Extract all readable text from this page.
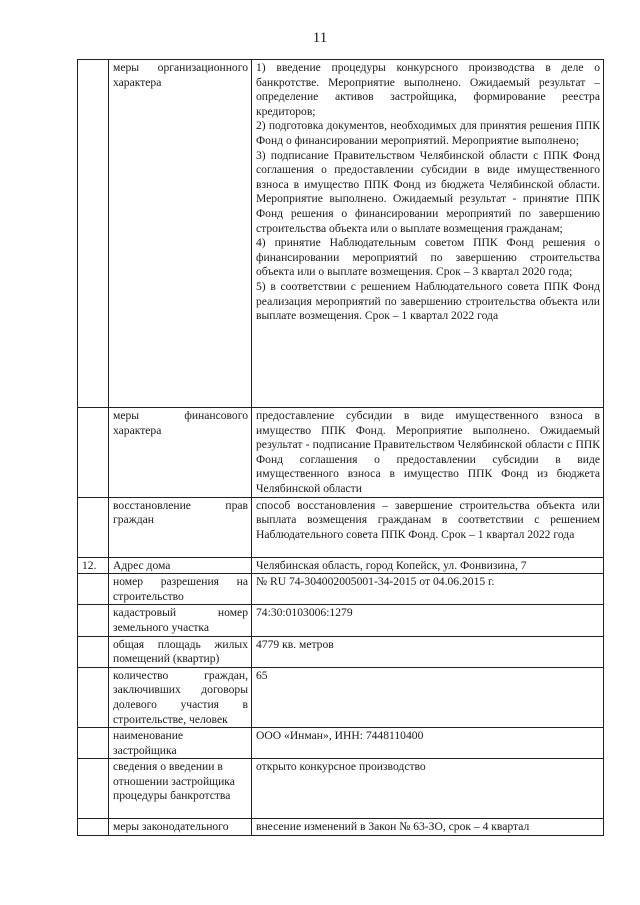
11
	меры организационного характера	1) введение процедуры конкурсного производства в деле о банкротстве. Мероприятие выполнено. Ожидаемый результат – определение активов застройщика, формирование реестра кредиторов;
2) подготовка документов, необходимых для принятия решения ППК Фонд о финансировании мероприятий. Мероприятие выполнено;
3) подписание Правительством Челябинской области с ППК Фонд соглашения о предоставлении субсидии в виде имущественного взноса в имущество ППК Фонд из бюджета Челябинской области. Мероприятие выполнено. Ожидаемый результат - принятие ППК Фонд решения о финансировании мероприятий по завершению строительства объекта или о выплате возмещения гражданам;
4) принятие Наблюдательным советом ППК Фонд решения о финансировании мероприятий по завершению строительства объекта или о выплате возмещения. Срок – 3 квартал 2020 года;
5) в соответствии с решением Наблюдательного совета ППК Фонд реализация мероприятий по завершению строительства объекта или выплате возмещения. Срок – 1 квартал 2022 года

	меры финансового характера	предоставление субсидии в виде имущественного взноса в имущество ППК Фонд. Мероприятие выполнено. Ожидаемый результат - подписание Правительством Челябинской области с ППК Фонд соглашения о предоставлении субсидии в виде имущественного взноса в имущество ППК Фонд из бюджета Челябинской области
	восстановление прав граждан	способ восстановления – завершение строительства объекта или выплата возмещения гражданам в соответствии с решением Наблюдательного совета ППК Фонд. Срок – 1 квартал 2022 года
12.	Адрес дома	Челябинская область, город Копейск, ул. Фонвизина, 7
	номер разрешения на строительство	№ RU 74-304002005001-34-2015 от 04.06.2015 г.
	кадастровый номер земельного участка	74:30:0103006:1279
	общая площадь жилых помещений (квартир)	4779 кв. метров
	количество граждан, заключивших договоры долевого участия в строительстве, человек	65
	наименование застройщика	ООО «Инман», ИНН: 7448110400
	сведения о введении в отношении застройщика процедуры банкротства	открыто конкурсное производство
	меры законодательного	внесение изменений в Закон № 63-ЗО, срок – 4 квартал
